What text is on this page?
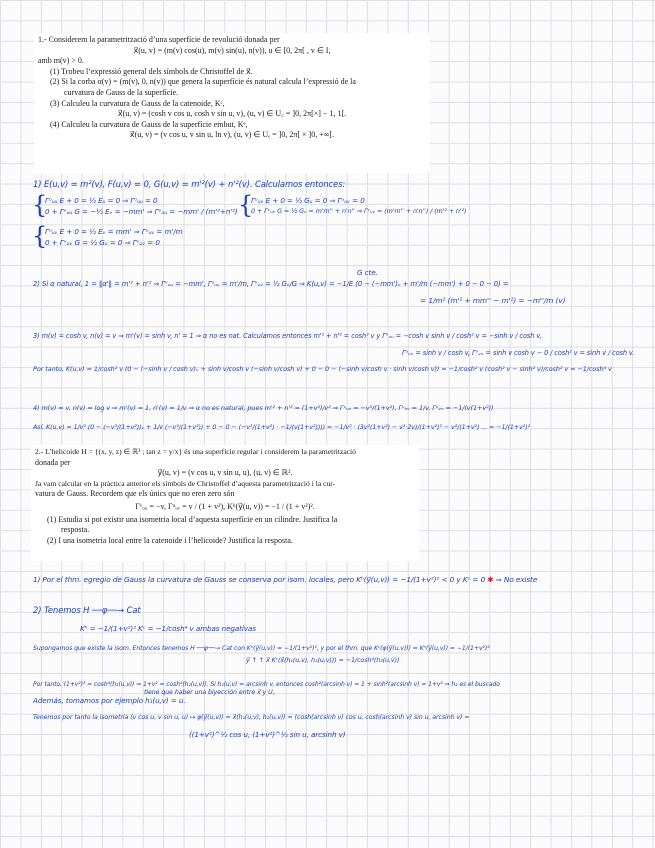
1.- Considerem la parametrització d’una superfície de revolució donada per
x⃗(u, v) = (m(v) cos(u), m(v) sin(u), n(v)), u ∈ [0, 2π[ , v ∈ I,
amb m(v) > 0.
(1) Trobeu l’expressió general dels símbols de Christoffel de x⃗.
(2) Si la corba α(v) = (m(v), 0, n(v)) que genera la superfície és natural calcula l’expressió de la
curvatura de Gauss de la superfície.
(3) Calculeu la curvatura de Gauss de la catenoide, Kᶜ,
x⃗(u, v) = (cosh v cos u, cosh v sin u, v), (u, v) ∈ U꜀ = ]0, 2π[×] − 1, 1[.
(4) Calculeu la curvatura de Gauss de la superfície embut, Kᵉ,
x⃗(u, v) = (v cos u, v sin u, ln v), (u, v) ∈ Uₑ = ]0, 2π[ × ]0, +∞[.
1) E(u,v) = m²(v), F(u,v) = 0, G(u,v) = m'²(v) + n'²(v). Calculamos entonces:
{
Γᵘᵤᵤ E + 0 = ½ Eᵤ = 0 ⇒ Γᵘᵤᵤ = 0
0 + Γᵛᵤᵤ G = −½ Eᵥ = −mm' ⇒ Γᵛᵤᵤ = −mm' / (m'²+n'²) {
Γᵘᵤᵥ E + 0 = ½ Gᵤ = 0 ⇒ Γᵘᵤᵥ = 0
0 + Γᵛᵤᵥ G = ½ Gᵥ = m'm'' + n'n'' ⇒ Γᵛᵥᵥ = (m'm'' + n'n'') / (m'² + n'²)
{
Γᵘᵤᵥ E + 0 = ½ Eᵥ = mm' ⇒ Γᵘᵤᵥ = m'/m
0 + Γᵛᵤᵥ G = ½ Gᵤ = 0 ⇒ Γᵛᵤᵥ = 0
G cte.
2) Si α natural, 1 = ‖α'‖ = m'² + n'² ⇒ Γᵛᵤᵤ = −mm', Γᵘᵤᵥ = m'/m, Γᵛᵥᵥ = ½ Gᵥ/G ⇒ K(u,v) = −1/E (0 − (−mm')ᵥ + m'/m (−mm') + 0 − 0 − 0) =
= 1/m² (m'² + mm'' − m'²) = −m''/m (v)
3) m(v) = cosh v, n(v) = v ⇒ m'(v) = sinh v, n' = 1 ⇒ α no es nat. Calculamos entonces m'² + n'² = cosh² v y Γᵛᵤᵤ = −cosh v sinh v / cosh² v = −sinh v / cosh v,
Γᵘᵤᵥ = sinh v / cosh v, Γᵛᵥᵥ = sinh v cosh v − 0 / cosh² v = sinh v / cosh v.
Por tanto, K(u,v) = 1/cosh² v (0 − (−sinh v / cosh v)ᵥ + sinh v/cosh v (−sinh v/cosh v) + 0 − 0 − (−sinh v/cosh v · sinh v/cosh v)) = −1/cosh² v (cosh² v − sinh² v)/cosh² v = −1/cosh⁴ v
4) m(v) = v, n(v) = log v ⇒ m'(v) = 1, n'(v) = 1/v ⇒ α no es natural, pues m'² + n'² = (1+v²)/v² ⇒ Γᵛᵤᵤ = −v³/(1+v²), Γᵘᵤᵥ = 1/v, Γᵛᵥᵥ = −1/(v(1+v²))
Así, K(u,v) = 1/v² (0 − (−v³/(1+v²))ᵥ + 1/v (−v³/(1+v²)) + 0 − 0 − (−v³/(1+v²) · −1/(v(1+v²)))) = −1/v² · (3v²(1+v²) − v³·2v)/(1+v²)² − v²/(1+v²) ... = −1/(1+v²)²
2.- L’helicoide H = {(x, y, z) ∈ ℝ³ ; tan z = y/x} és una superfície regular i considerem la parametrització
donada per
y⃗(u, v) = (v cos u, v sin u, u), (u, v) ∈ ℝ².
Ja vam calcular en la pràctica anterior els símbols de Christoffel d’aquesta parametrització i la cur-
vatura de Gauss. Recordem que els únics que no eren zero són
Γᵛᵤᵤ = −v, Γᵘᵤᵥ = v / (1 + v²), Kʰ(y⃗(u, v)) = −1 / (1 + v²)².
(1) Estudia si pot existir una isometria local d’aquesta superfície en un cilindre. Justifica la
resposta.
(2) I una isometria local entre la catenoide i l’helicoide? Justifica la resposta.
1) Por el thm. egregio de Gauss la curvatura de Gauss se conserva por isom. locales, pero Kʰ(y⃗(u,v)) = −1/(1+v²)² < 0 y Kᶜ = 0 ✱ ⇒ No existe
2) Tenemos H ──φ──→ Cat
Kʰ = −1/(1+v²)² Kᶜ = −1/cosh⁴ v ambas negativas
Supongamos que existe la isom. Entonces tenemos H ──φ──→ Cat con Kʰ(y⃗(u,v)) = −1/(1+v²)², y por el thm. que Kᶜ(φ(y⃗(u,v))) = Kʰ(y⃗(u,v)) = −1/(1+v²)²
y⃗ ↑ ↑ x⃗ Kᶜ(x⃗(h₁(u,v), h₂(u,v))) = −1/cosh⁴(h₂(u,v))
Por tanto, (1+v²)² = cosh⁴(h₂(u,v)) ⇒ 1+v² = cosh²(h₂(u,v)). Si h₂(u,v) = arcsinh v, entonces cosh²(arcsinh v) = 1 + sinh²(arcsinh v) = 1+v² ⇒ h₂ es el buscado
tiene que haber una biyección entre x⃗ y U꜀
Además, tomamos por ejemplo h₁(u,v) = u.
Tenemos por tanto la isometría (v cos u, v sin u, u) ↦ φ(y⃗(u,v)) = x⃗(h₁(u,v), h₂(u,v)) = (cosh(arcsinh v) cos u, cosh(arcsinh v) sin u, arcsinh v) =
((1+v²)^½ cos u, (1+v²)^½ sin u, arcsinh v)
